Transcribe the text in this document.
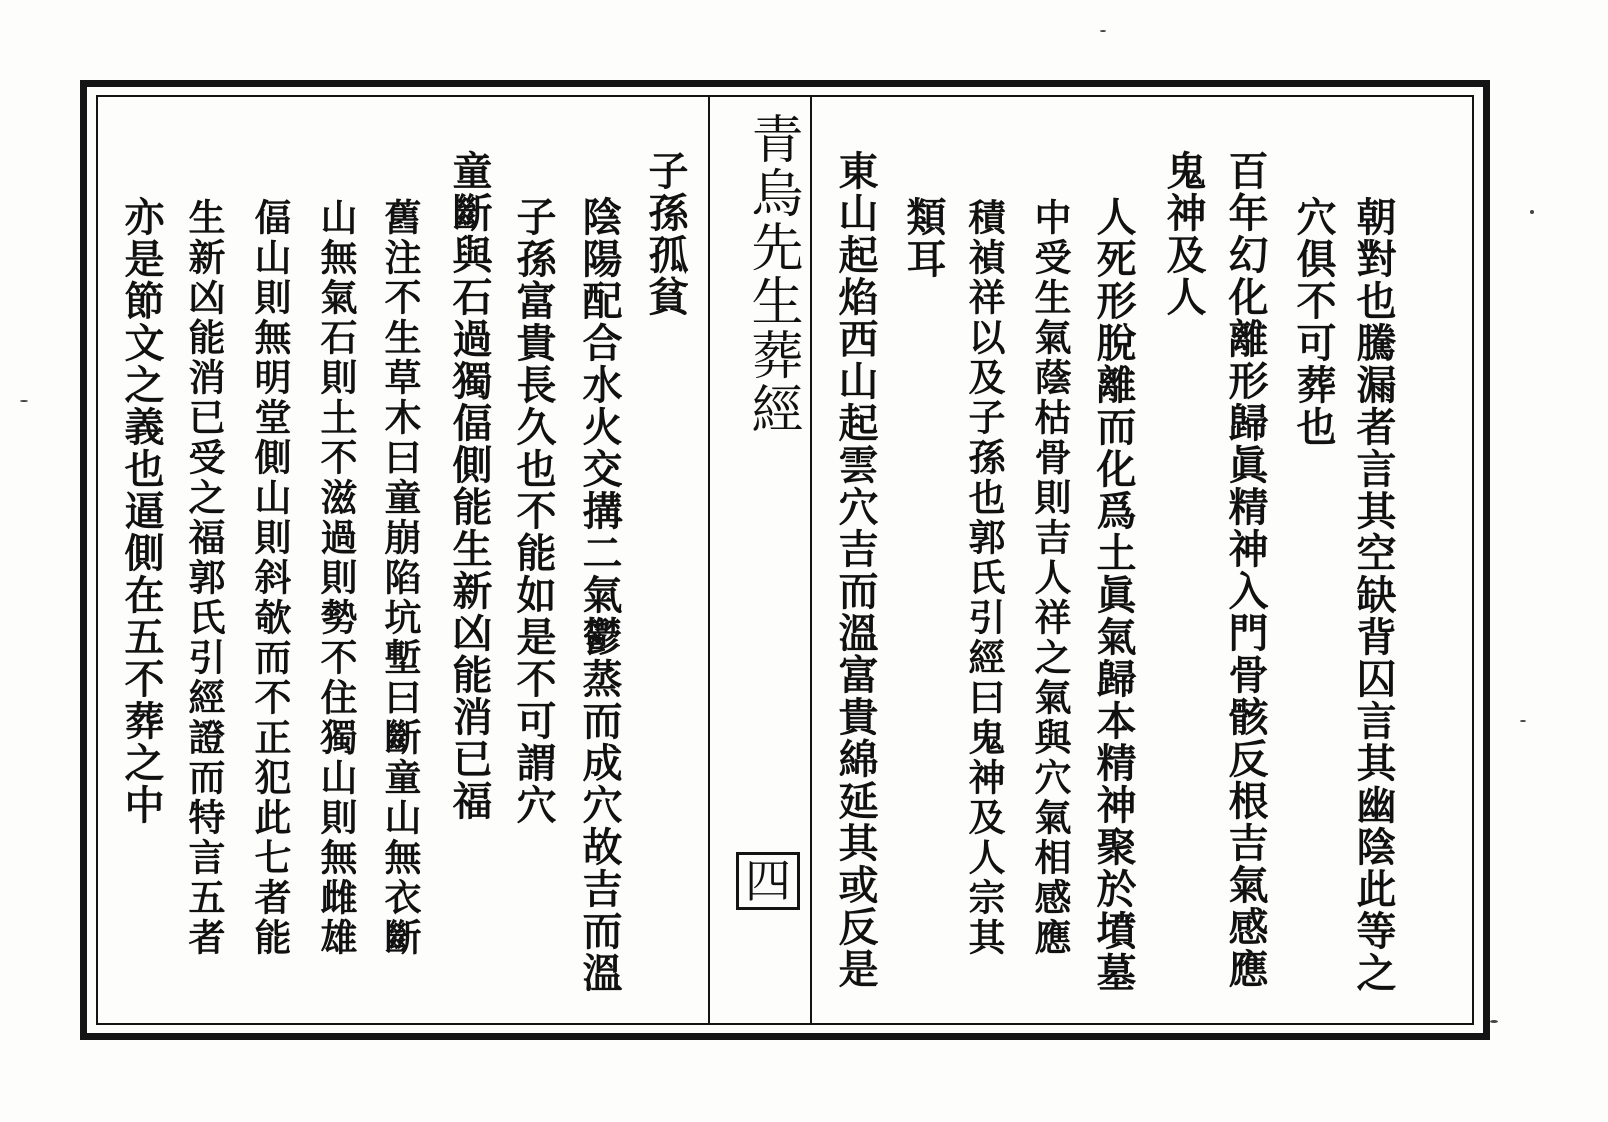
青烏先生葬經
四	朝對也騰漏者言其空缺背囚言其幽陰此等之
穴俱不可葬也
百年幻化離形歸眞精神入門骨骸反根吉氣感應
鬼神及人
人死形脫離而化爲土眞氣歸本精神聚於墳墓
中受生氣蔭枯骨則吉人祥之氣與穴氣相感應
積禎祥以及子孫也郭氏引經曰鬼神及人宗其
類耳
東山起焰西山起雲穴吉而溫富貴綿延其或反是
子孫孤貧
陰陽配合水火交搆二氣鬱蒸而成穴故吉而溫
子孫富貴長久也不能如是不可謂穴
童斷與石過獨偪側能生新凶能消已福
舊注不生草木曰童崩陷坑塹曰斷童山無衣斷
山無氣石則土不滋過則勢不住獨山則無雌雄
偪山則無明堂側山則斜欹而不正犯此七者能
生新凶能消已受之福郭氏引經證而特言五者
亦是節文之義也逼側在五不葬之中
